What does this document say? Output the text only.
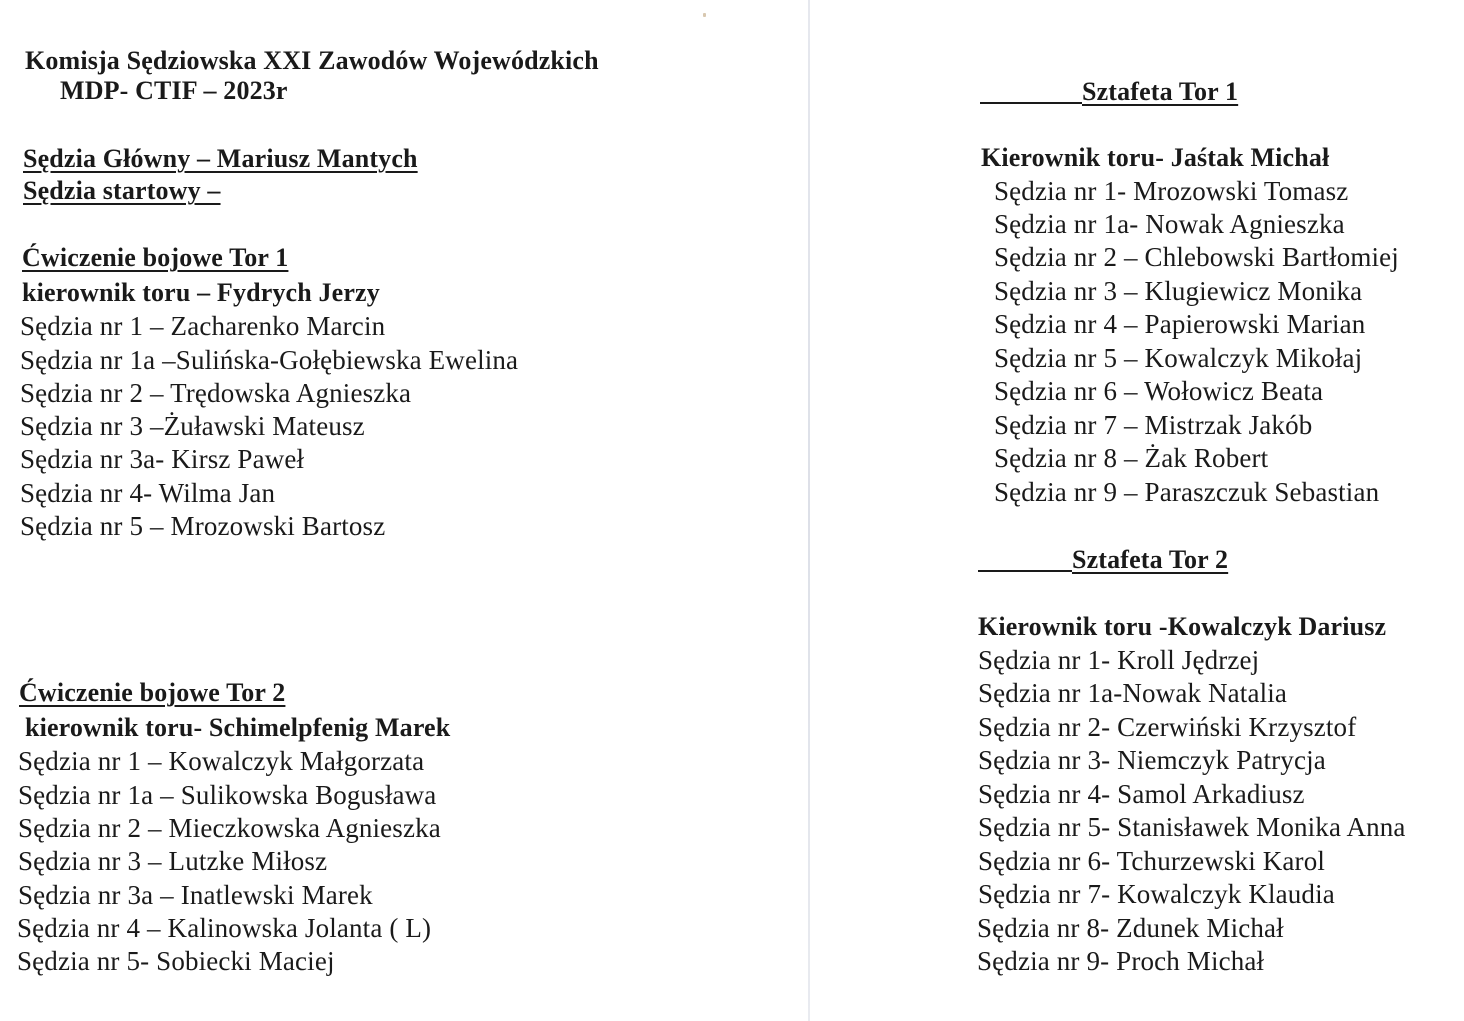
Komisja Sędziowska XXI Zawodów Wojewódzkich
MDP- CTIF – 2023r
Sędzia Główny – Mariusz Mantych
Sędzia startowy –
Ćwiczenie bojowe Tor 1
kierownik toru – Fydrych Jerzy
Sędzia nr 1 – Zacharenko Marcin
Sędzia nr 1a –Sulińska-Gołębiewska Ewelina
Sędzia nr 2 – Trędowska Agnieszka
Sędzia nr 3 –Żuławski Mateusz
Sędzia nr 3a- Kirsz Paweł
Sędzia nr 4- Wilma Jan
Sędzia nr 5 – Mrozowski Bartosz
Ćwiczenie bojowe Tor 2
kierownik toru- Schimelpfenig Marek
Sędzia nr 1 – Kowalczyk Małgorzata
Sędzia nr 1a – Sulikowska Bogusława
Sędzia nr 2 – Mieczkowska Agnieszka
Sędzia nr 3 – Lutzke Miłosz
Sędzia nr 3a – Inatlewski Marek
Sędzia nr 4 – Kalinowska Jolanta ( L)
Sędzia nr 5- Sobiecki Maciej
Sztafeta Tor 1
Kierownik toru- Jaśtak Michał
Sędzia nr 1- Mrozowski Tomasz
Sędzia nr 1a- Nowak Agnieszka
Sędzia nr 2 – Chlebowski Bartłomiej
Sędzia nr 3 – Klugiewicz Monika
Sędzia nr 4 – Papierowski Marian
Sędzia nr 5 – Kowalczyk Mikołaj
Sędzia nr 6 – Wołowicz Beata
Sędzia nr 7 – Mistrzak Jakób
Sędzia nr 8 – Żak Robert
Sędzia nr 9 – Paraszczuk Sebastian
Sztafeta Tor 2
Kierownik toru -Kowalczyk Dariusz
Sędzia nr 1- Kroll Jędrzej
Sędzia nr 1a-Nowak Natalia
Sędzia nr 2- Czerwiński Krzysztof
Sędzia nr 3- Niemczyk Patrycja
Sędzia nr 4- Samol Arkadiusz
Sędzia nr 5- Stanisławek Monika Anna
Sędzia nr 6- Tchurzewski Karol
Sędzia nr 7- Kowalczyk Klaudia
Sędzia nr 8- Zdunek Michał
Sędzia nr 9- Proch Michał
